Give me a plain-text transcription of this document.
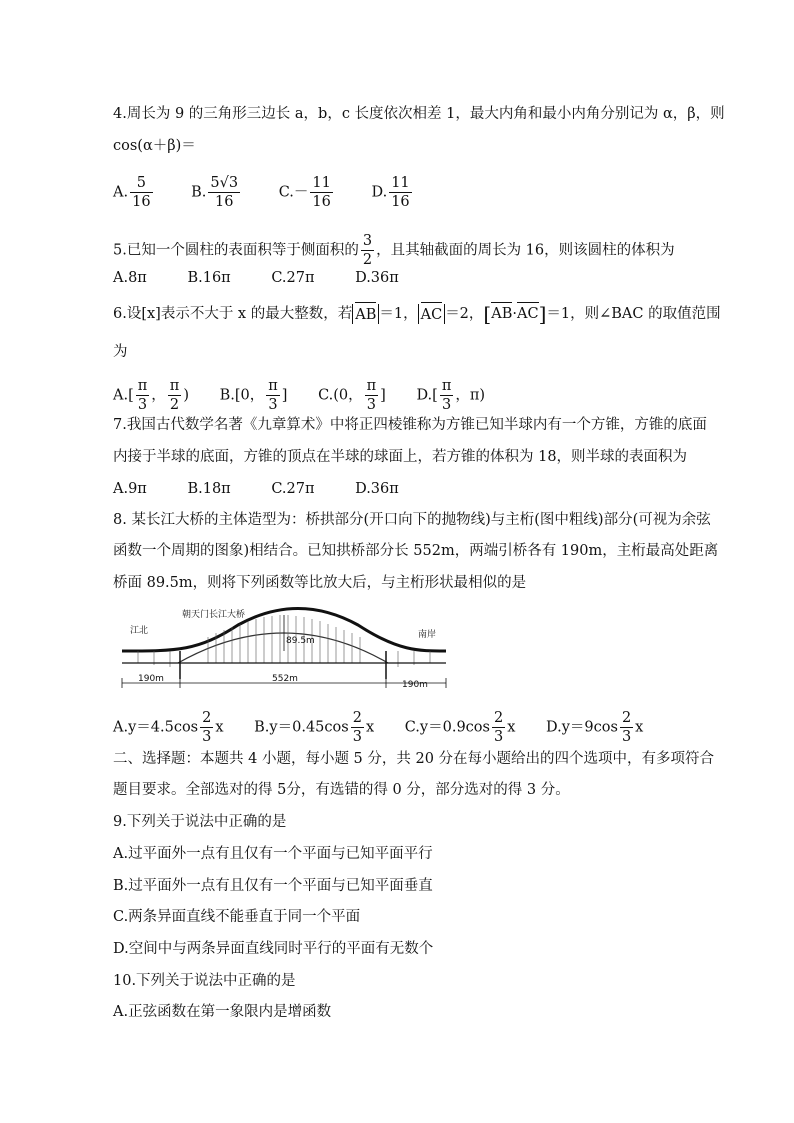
4.周长为 9 的三角形三边长 a，b，c 长度依次相差 1，最大内角和最小内角分别记为 α，β，则
cos(α＋β)＝
A. $\frac{5}{16}$	B. $\frac{5√3}{16}$	$C.- \frac{11}{16}$	D. $\frac{11}{16}$
5.已知一个圆柱的表面积等于侧面积的 $\frac{3}{2}$ ，且其轴截面的周长为 16，则该圆柱的体积为
A.8π	B.16π	C.27π	D.36π
6.设[x]表示不大于 x 的最大整数，若 AB ＝1， AC ＝2，[AB·AC]＝1，则∠BAC 的取值范围
为
$A.[ \frac{\pi}{3}$ ， $\frac{\pi}{2}$ ) B.[0， $\frac{\pi}{3}$ ] C.(0， $\frac{\pi}{3}$ ] $D.[ \frac{\pi}{3}$ ，π)
7.我国古代数学名著《九章算术》中将正四棱锥称为方锥已知半球内有一个方锥，方锥的底面
内接于半球的底面，方锥的顶点在半球的球面上，若方锥的体积为 18，则半球的表面积为
A.9π	B.18π	C.27π	D.36π
8. 某长江大桥的主体造型为：桥拱部分(开口向下的抛物线)与主桁(图中粗线)部分(可视为余弦
函数一个周期的图象)相结合。已知拱桥部分长 552m，两端引桥各有 190m，主桁最高处距离
桥面 89.5m，则将下列函数等比放大后，与主桁形状最相似的是
朝天门长江大桥
江北	南岸
89.5m
190m	552m
190m
$A.y=4.5\cos \frac{2}{3}$ x $B.y=0.45\cos \frac{2}{3}$ x $C.y=0.9\cos \frac{2}{3}$ x $D.y=9\cos \frac{2}{3}$ x
二、选择题：本题共 4 小题，每小题 5 分，共 20 分在每小题给出的四个选项中，有多项符合
题目要求。全部选对的得 5分，有选错的得 0 分，部分选对的得 3 分。
9.下列关于说法中正确的是
A.过平面外一点有且仅有一个平面与已知平面平行
B.过平面外一点有且仅有一个平面与已知平面垂直
C.两条异面直线不能垂直于同一个平面
D.空间中与两条异面直线同时平行的平面有无数个
10.下列关于说法中正确的是
A.正弦函数在第一象限内是增函数
